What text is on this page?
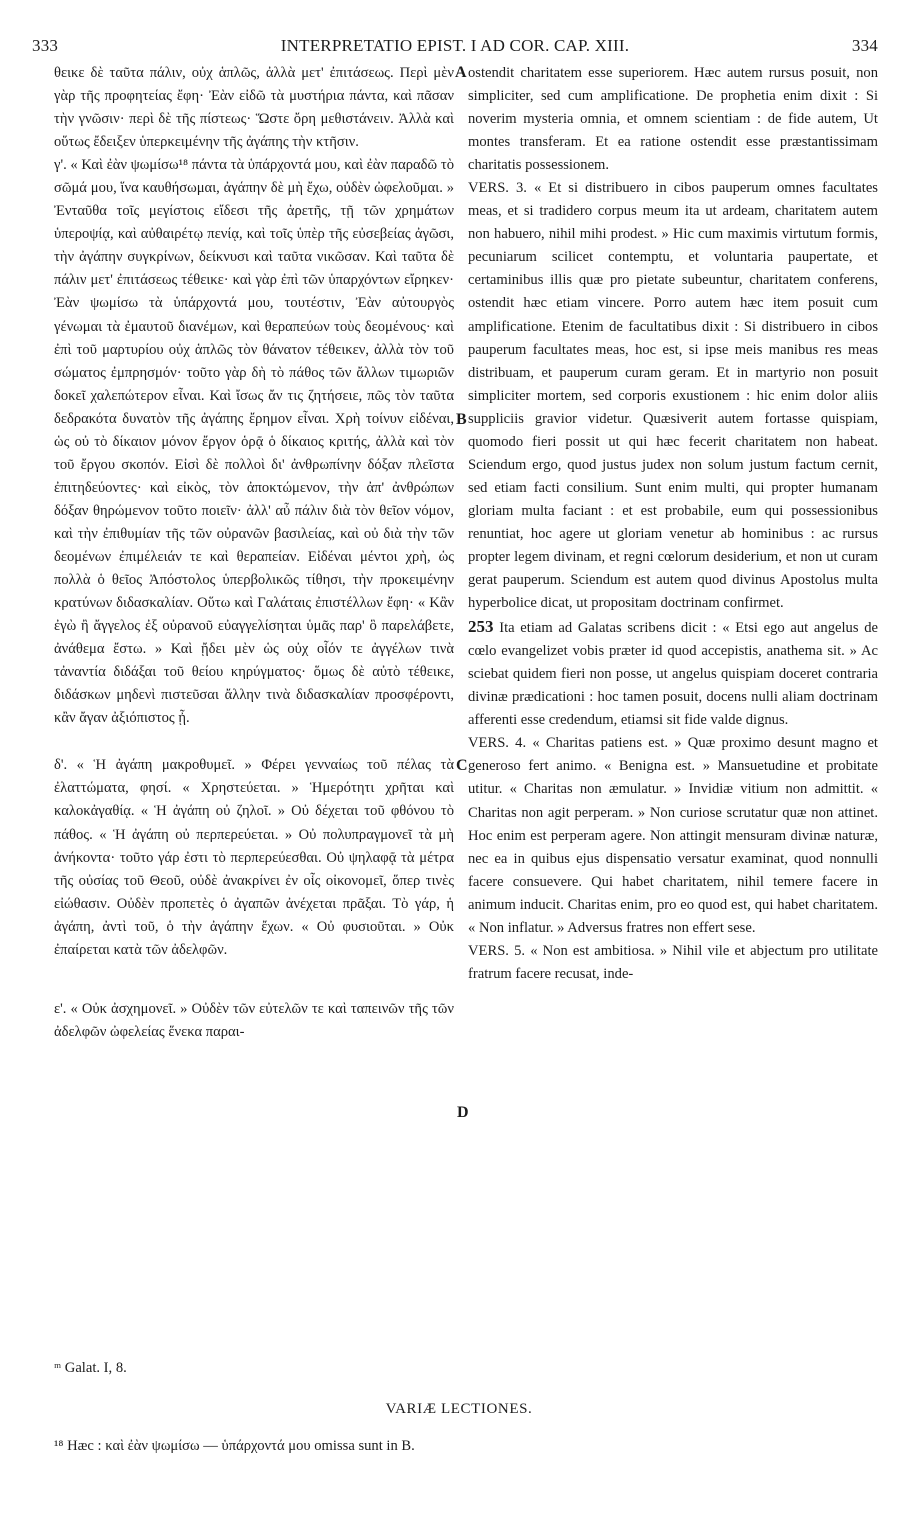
333	INTERPRETATIO EPIST. I AD COR. CAP. XIII.	334
A
B
C
D

θεικε δὲ ταῦτα πάλιν, οὐχ ἁπλῶς, ἀλλὰ μετ' ἐπιτάσεως. Περὶ μὲν γὰρ τῆς προφητείας ἔφη· Ἐὰν εἰδῶ τὰ μυστήρια πάντα, καὶ πᾶσαν τὴν γνῶσιν· περὶ δὲ τῆς πίστεως· Ὥστε ὄρη μεθιστάνειν. Ἀλλὰ καὶ οὕτως ἔδειξεν ὑπερκειμένην τῆς ἀγάπης τὴν κτῆσιν.

γ'. « Καὶ ἐὰν ψωμίσω¹⁸ πάντα τὰ ὑπάρχοντά μου, καὶ ἐὰν παραδῶ τὸ σῶμά μου, ἵνα καυθήσωμαι, ἀγάπην δὲ μὴ ἔχω, οὐδὲν ὠφελοῦμαι. » Ἐνταῦθα τοῖς μεγίστοις εἴδεσι τῆς ἀρετῆς, τῇ τῶν χρημάτων ὑπεροψίᾳ, καὶ αὐθαιρέτῳ πενίᾳ, καὶ τοῖς ὑπὲρ τῆς εὐσεβείας ἀγῶσι, τὴν ἀγάπην συγκρίνων, δείκνυσι καὶ ταῦτα νικῶσαν. Καὶ ταῦτα δὲ πάλιν μετ' ἐπιτάσεως τέθεικε· καὶ γὰρ ἐπὶ τῶν ὑπαρχόντων εἴρηκεν· Ἐὰν ψωμίσω τὰ ὑπάρχοντά μου, τουτέστιν, Ἐὰν αὐτουργὸς γένωμαι τὰ ἐμαυτοῦ διανέμων, καὶ θεραπεύων τοὺς δεομένους· καὶ ἐπὶ τοῦ μαρτυρίου οὐχ ἁπλῶς τὸν θάνατον τέθεικεν, ἀλλὰ τὸν τοῦ σώματος ἐμπρησμόν· τοῦτο γὰρ δὴ τὸ πάθος τῶν ἄλλων τιμωριῶν δοκεῖ χαλεπώτερον εἶναι. Καὶ ἴσως ἄν τις ζητήσειε, πῶς τὸν ταῦτα δεδρακότα δυνατὸν τῆς ἀγάπης ἔρημον εἶναι. Χρὴ τοίνυν εἰδέναι, ὡς οὐ τὸ δίκαιον μόνον ἔργον ὁρᾷ ὁ δίκαιος κριτής, ἀλλὰ καὶ τὸν τοῦ ἔργου σκοπόν. Εἰσὶ δὲ πολλοὶ δι' ἀνθρωπίνην δόξαν πλεῖστα ἐπιτηδεύοντες· καὶ εἰκὸς, τὸν ἀποκτώμενον, τὴν ἀπ' ἀνθρώπων δόξαν θηρώμενον τοῦτο ποιεῖν· ἀλλ' αὖ πάλιν διὰ τὸν θεῖον νόμον, καὶ τὴν ἐπιθυμίαν τῆς τῶν οὐρανῶν βασιλείας, καὶ οὐ διὰ τὴν τῶν δεομένων ἐπιμέλειάν τε καὶ θεραπείαν. Εἰδέναι μέντοι χρὴ, ὡς πολλὰ ὁ θεῖος Ἀπόστολος ὑπερβολικῶς τίθησι, τὴν προκειμένην κρατύνων διδασκαλίαν. Οὕτω καὶ Γαλάταις ἐπιστέλλων ἔφη· « Κἂν ἐγὼ ἢ ἄγγελος ἐξ οὐρανοῦ εὐαγγελίσηται ὑμᾶς παρ' ὃ παρελάβετε, ἀνάθεμα ἔστω. » Καὶ ᾔδει μὲν ὡς οὐχ οἷόν τε ἀγγέλων τινὰ τἀναντία διδάξαι τοῦ θείου κηρύγματος· ὅμως δὲ αὐτὸ τέθεικε, διδάσκων μηδενὶ πιστεῦσαι ἄλλην τινὰ διδασκαλίαν προσφέροντι, κἂν ἄγαν ἀξιόπιστος ᾖ.

δ'. « Ἡ ἀγάπη μακροθυμεῖ. » Φέρει γενναίως τοῦ πέλας τὰ ἐλαττώματα, φησί. « Χρηστεύεται. » Ἡμερότητι χρῆται καὶ καλοκἀγαθίᾳ. « Ἡ ἀγάπη οὐ ζηλοῖ. » Οὐ δέχεται τοῦ φθόνου τὸ πάθος. « Ἡ ἀγάπη οὐ περπερεύεται. » Οὐ πολυπραγμονεῖ τὰ μὴ ἀνήκοντα· τοῦτο γάρ ἐστι τὸ περπερεύεσθαι. Οὐ ψηλαφᾷ τὰ μέτρα τῆς οὐσίας τοῦ Θεοῦ, οὐδὲ ἀνακρίνει ἐν οἷς οἰκονομεῖ, ὅπερ τινὲς εἰώθασιν. Οὐδὲν προπετὲς ὁ ἀγαπῶν ἀνέχεται πρᾶξαι. Τὸ γάρ, ἡ ἀγάπη, ἀντὶ τοῦ, ὁ τὴν ἀγάπην ἔχων. « Οὐ φυσιοῦται. » Οὐκ ἐπαίρεται κατὰ τῶν ἀδελφῶν.

ε'. « Οὐκ ἀσχημονεῖ. » Οὐδὲν τῶν εὐτελῶν τε καὶ ταπεινῶν τῆς τῶν ἀδελφῶν ὠφελείας ἕνεκα παραι-

ostendit charitatem esse superiorem. Hæc autem rursus posuit, non simpliciter, sed cum amplificatione. De prophetia enim dixit : Si noverim mysteria omnia, et omnem scientiam : de fide autem, Ut montes transferam. Et ea ratione ostendit esse præstantissimam charitatis possessionem.

VERS. 3. « Et si distribuero in cibos pauperum omnes facultates meas, et si tradidero corpus meum ita ut ardeam, charitatem autem non habuero, nihil mihi prodest. » Hic cum maximis virtutum formis, pecuniarum scilicet contemptu, et voluntaria paupertate, et certaminibus illis quæ pro pietate subeuntur, charitatem conferens, ostendit hæc etiam vincere. Porro autem hæc item posuit cum amplificatione. Etenim de facultatibus dixit : Si distribuero in cibos pauperum facultates meas, hoc est, si ipse meis manibus res meas distribuam, et pauperum curam geram. Et in martyrio non posuit simpliciter mortem, sed corporis exustionem : hic enim dolor aliis suppliciis gravior videtur. Quæsiverit autem fortasse quispiam, quomodo fieri possit ut qui hæc fecerit charitatem non habeat. Sciendum ergo, quod justus judex non solum justum factum cernit, sed etiam facti consilium. Sunt enim multi, qui propter humanam gloriam multa faciant : et est probabile, eum qui possessionibus renuntiat, hoc agere ut gloriam venetur ab hominibus : ac rursus propter legem divinam, et regni cœlorum desiderium, et non ut curam gerat pauperum. Sciendum est autem quod divinus Apostolus multa hyperbolice dicat, ut propositam doctrinam confirmet.

253 Ita etiam ad Galatas scribens dicit : « Etsi ego aut angelus de cœlo evangelizet vobis præter id quod accepistis, anathema sit. » Ac sciebat quidem fieri non posse, ut angelus quispiam doceret contraria divinæ prædicationi : hoc tamen posuit, docens nulli aliam doctrinam afferenti esse credendum, etiamsi sit fide valde dignus.

VERS. 4. « Charitas patiens est. » Quæ proximo desunt magno et generoso fert animo. « Benigna est. » Mansuetudine et probitate utitur. « Charitas non æmulatur. » Invidiæ vitium non admittit. « Charitas non agit perperam. » Non curiose scrutatur quæ non attinet. Hoc enim est perperam agere. Non attingit mensuram divinæ naturæ, nec ea in quibus ejus dispensatio versatur examinat, quod nonnulli facere consuevere. Qui habet charitatem, nihil temere facere in animum inducit. Charitas enim, pro eo quod est, qui habet charitatem. « Non inflatur. » Adversus fratres non effert sese.

VERS. 5. « Non est ambitiosa. » Nihil vile et abjectum pro utilitate fratrum facere recusat, inde-

ᵐ Galat. I, 8.
VARIÆ LECTIONES.
¹⁸ Hæc : καὶ ἐὰν ψωμίσω — ὑπάρχοντά μου omissa sunt in B.
